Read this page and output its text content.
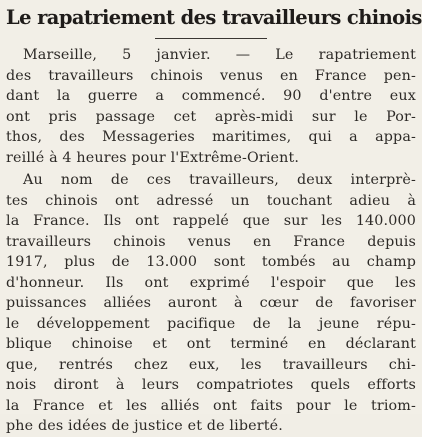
Le rapatriement des travailleurs chinois

Marseille, 5 janvier. — Le rapatriement
des travailleurs chinois venus en France pen-
dant la guerre a commencé. 90 d'entre eux
ont pris passage cet après-midi sur le Por-
thos, des Messageries maritimes, qui a appa-
reillé à 4 heures pour l'Extrême-Orient.

Au nom de ces travailleurs, deux interprè-
tes chinois ont adressé un touchant adieu à
la France. Ils ont rappelé que sur les 140.000
travailleurs chinois venus en France depuis
1917, plus de 13.000 sont tombés au champ
d'honneur. Ils ont exprimé l'espoir que les
puissances alliées auront à cœur de favoriser
le développement pacifique de la jeune répu-
blique chinoise et ont terminé en déclarant
que, rentrés chez eux, les travailleurs chi-
nois diront à leurs compatriotes quels efforts
la France et les alliés ont faits pour le triom-
phe des idées de justice et de liberté.
